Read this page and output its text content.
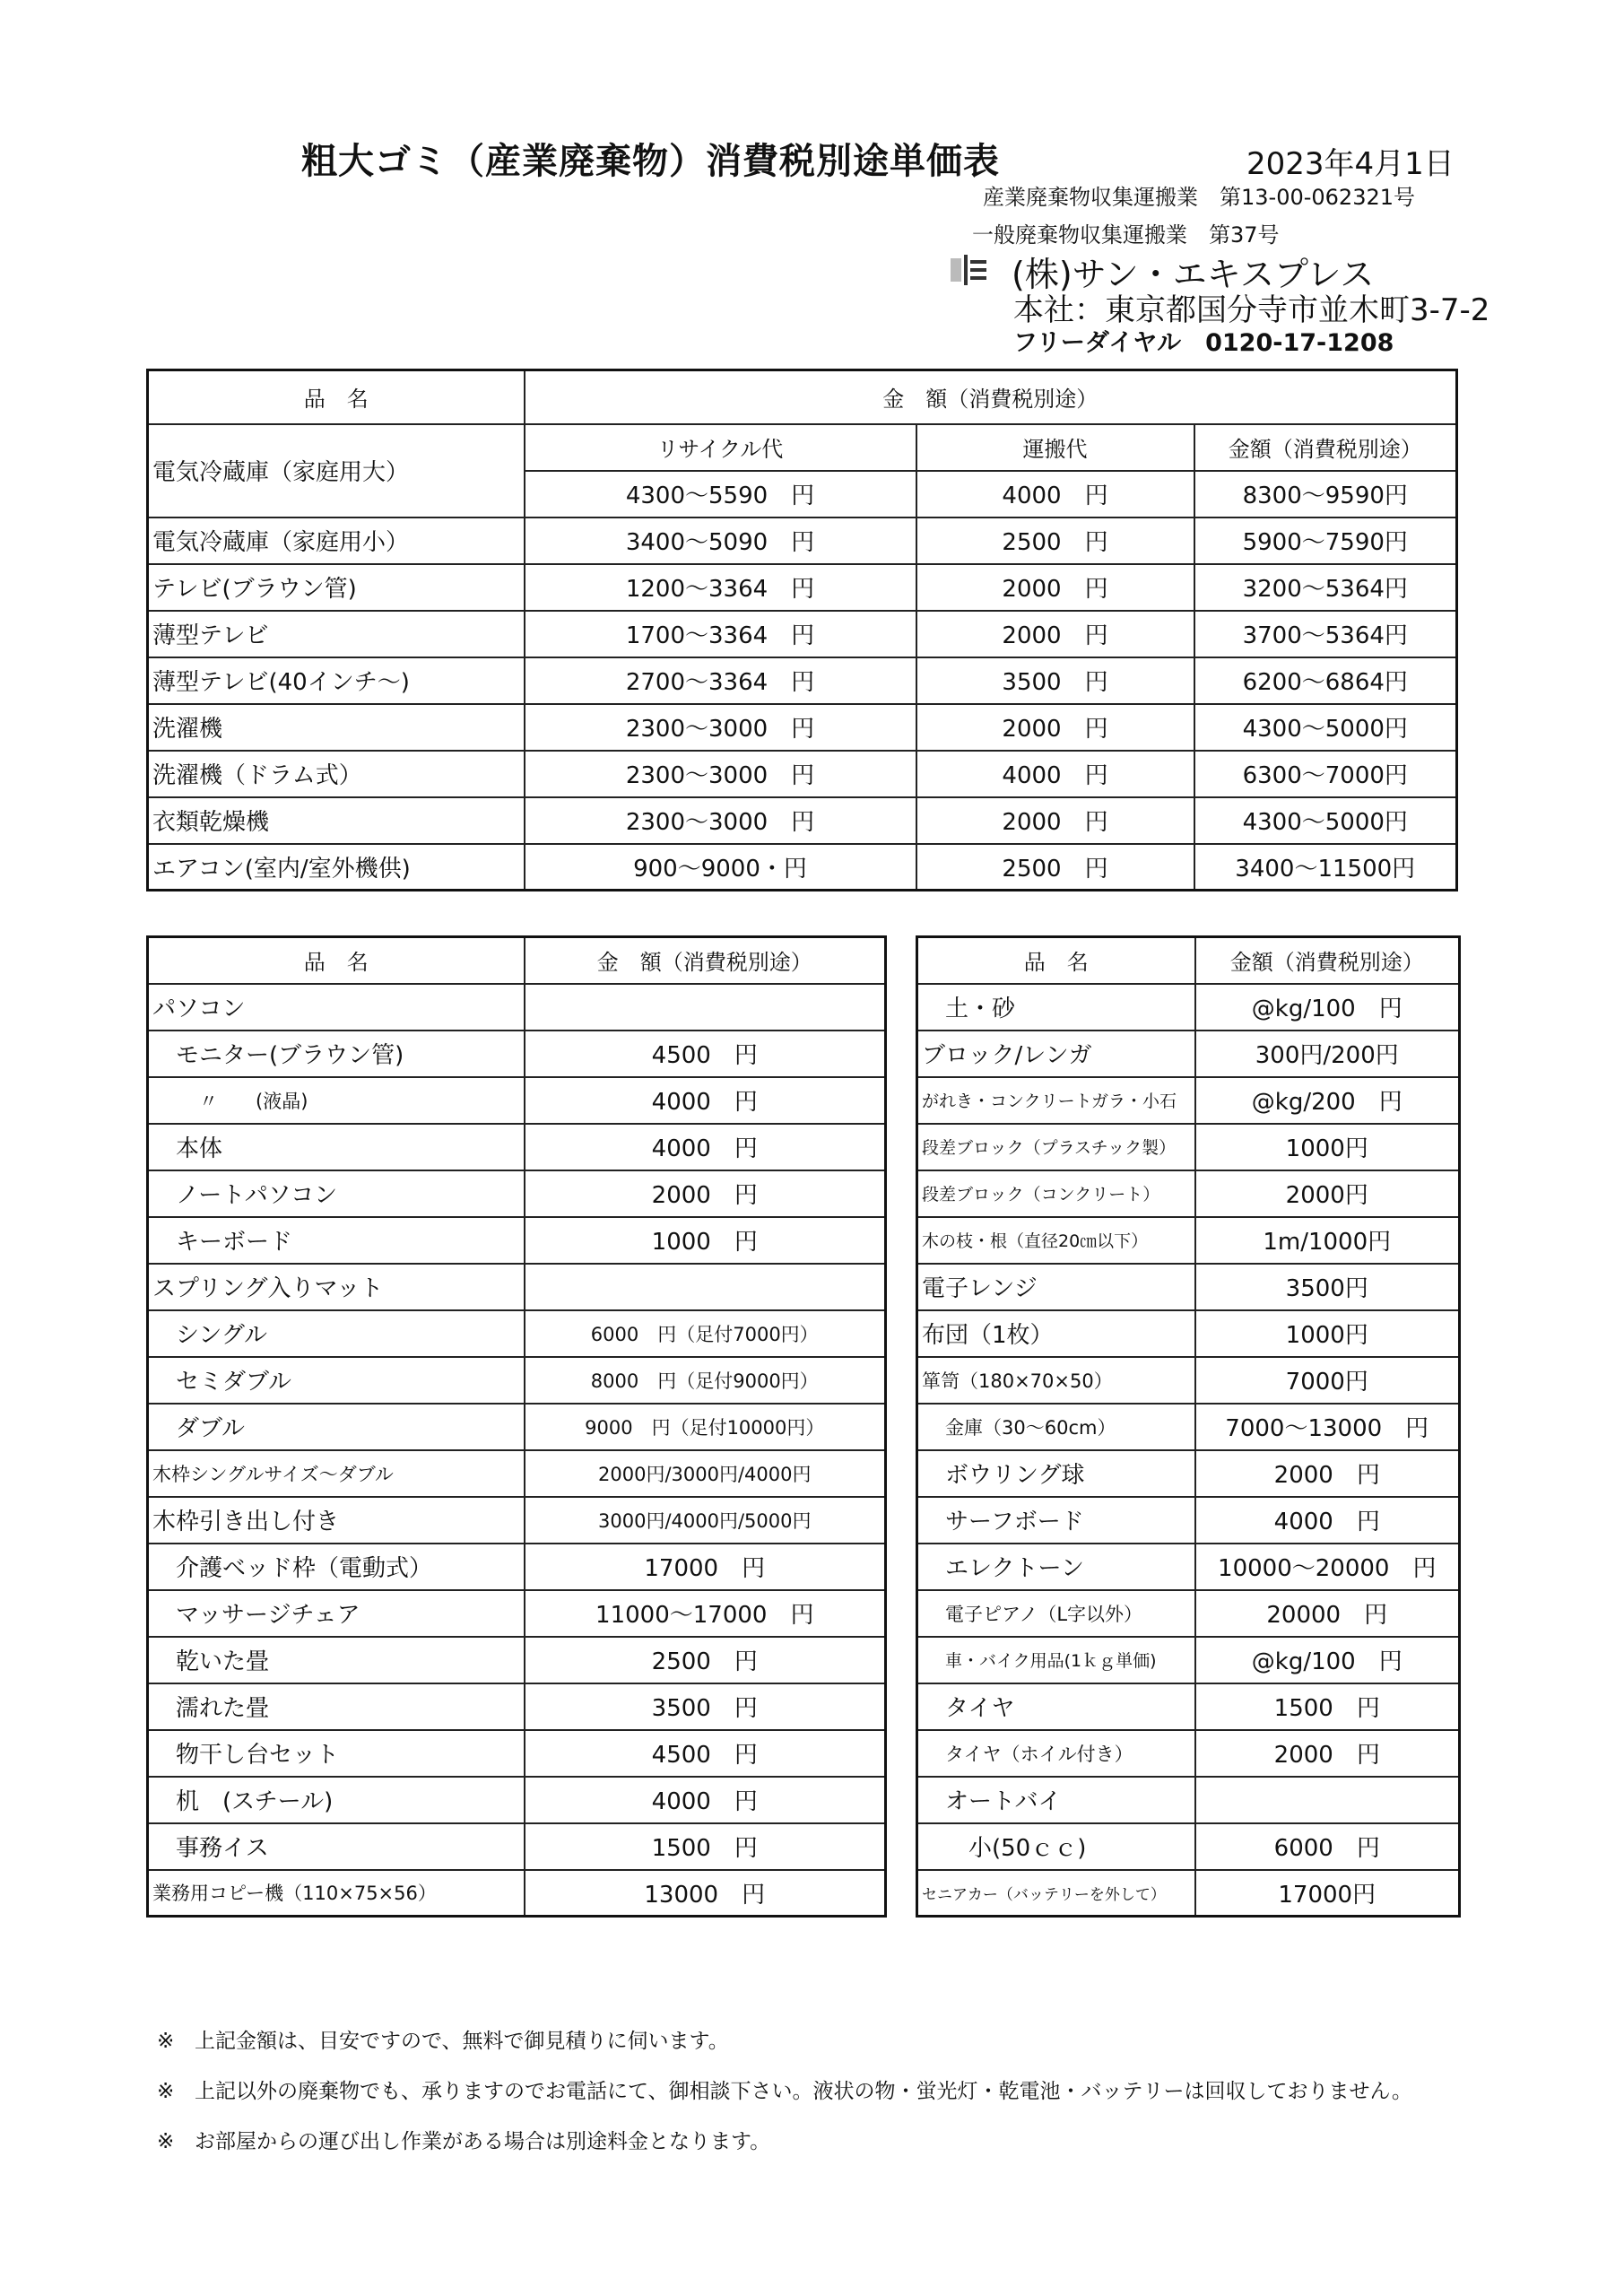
粗大ゴミ（産業廃棄物）消費税別途単価表	2023年4月1日
産業廃棄物収集運搬業　第13-00-062321号
一般廃棄物収集運搬業　第37号
(株)サン・エキスプレス
本社：東京都国分寺市並木町3-7-2
フリーダイヤル　0120-17-1208
品　名	金　額（消費税別途）		
電気冷蔵庫（家庭用大）	リサイクル代	運搬代	金額（消費税別途）
	4300～5590　円	4000　円	8300～9590円
電気冷蔵庫（家庭用小）	3400～5090　円	2500　円	5900～7590円
テレビ(ブラウン管)	1200～3364　円	2000　円	3200～5364円
薄型テレビ	1700～3364　円	2000　円	3700～5364円
薄型テレビ(40インチ～)	2700～3364　円	3500　円	6200～6864円
洗濯機	2300～3000　円	2000　円	4300～5000円
洗濯機（ドラム式）	2300～3000　円	4000　円	6300～7000円
衣類乾燥機	2300～3000　円	2000　円	4300～5000円
エアコン(室内/室外機供)	900～9000・円	2500　円	3400～11500円
品　名	金　額（消費税別途）
パソコン	
モニター(ブラウン管)	4500　円
〃　　(液晶)	4000　円
本体	4000　円
ノートパソコン	2000　円
キーボード	1000　円
スプリング入りマット	
シングル	6000　円（足付7000円）
セミダブル	8000　円（足付9000円）
ダブル	9000　円（足付10000円）
木枠シングルサイズ～ダブル	2000円/3000円/4000円
木枠引き出し付き	3000円/4000円/5000円
介護ベッド枠（電動式）	17000　円
マッサージチェア	11000～17000　円
乾いた畳	2500　円
濡れた畳	3500　円
物干し台セット	4500　円
机　(スチール)	4000　円
事務イス	1500　円
業務用コピー機（110×75×56）	13000　円
品　名	金額（消費税別途）
土・砂	@kg/100　円
ブロック/レンガ	300円/200円
がれき・コンクリートガラ・小石	@kg/200　円
段差ブロック（プラスチック製）	1000円
段差ブロック（コンクリート）	2000円
木の枝・根（直径20㎝以下）	1m/1000円
電子レンジ	3500円
布団（1枚）	1000円
箪笥（180×70×50）	7000円
金庫（30～60cm）	7000～13000　円
ボウリング球	2000　円
サーフボード	4000　円
エレクトーン	10000～20000　円
電子ピアノ（L字以外）	20000　円
車・バイク用品(1ｋｇ単価)	@kg/100　円
タイヤ	1500　円
タイヤ（ホイル付き）	2000　円
オートバイ	
小(50ｃｃ)	6000　円
セニアカー（バッテリーを外して）	17000円
※ 上記金額は、目安ですので、無料で御見積りに伺います。
※ 上記以外の廃棄物でも、承りますのでお電話にて、御相談下さい。液状の物・蛍光灯・乾電池・バッテリーは回収しておりません。
※ お部屋からの運び出し作業がある場合は別途料金となります。
